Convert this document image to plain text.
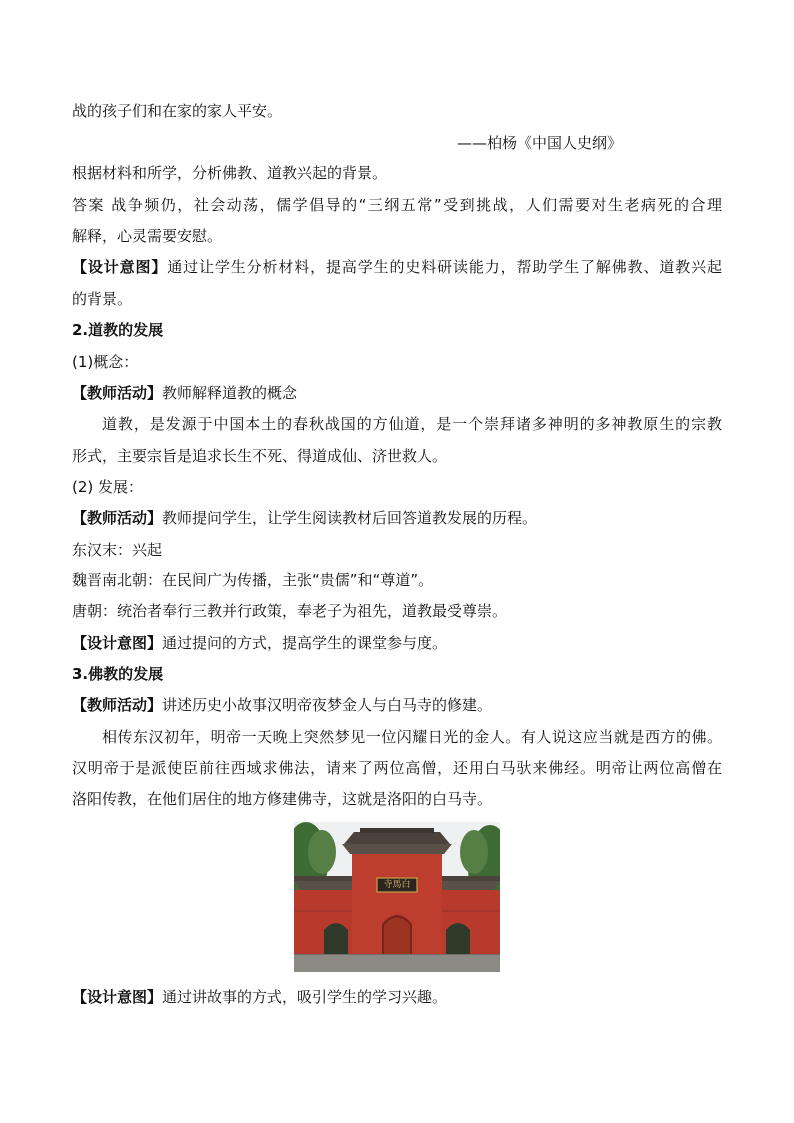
战的孩子们和在家的家人平安。
——柏杨《中国人史纲》
根据材料和所学，分析佛教、道教兴起的背景。
答案 战争频仍，社会动荡，儒学倡导的“三纲五常”受到挑战，人们需要对生老病死的合理
解释，心灵需要安慰。
【设计意图】通过让学生分析材料，提高学生的史料研读能力，帮助学生了解佛教、道教兴起
的背景。
2.道教的发展
(1)概念：
【教师活动】教师解释道教的概念
道教，是发源于中国本土的春秋战国的方仙道，是一个崇拜诸多神明的多神教原生的宗教
形式，主要宗旨是追求长生不死、得道成仙、济世救人。
(2) 发展：
【教师活动】教师提问学生，让学生阅读教材后回答道教发展的历程。
东汉末：兴起
魏晋南北朝：在民间广为传播，主张“贵儒”和“尊道”。
唐朝：统治者奉行三教并行政策，奉老子为祖先，道教最受尊崇。
【设计意图】通过提问的方式，提高学生的课堂参与度。
3.佛教的发展
【教师活动】讲述历史小故事汉明帝夜梦金人与白马寺的修建。
相传东汉初年，明帝一天晚上突然梦见一位闪耀日光的金人。有人说这应当就是西方的佛。
汉明帝于是派使臣前往西域求佛法，请来了两位高僧，还用白马驮来佛经。明帝让两位高僧在
洛阳传教，在他们居住的地方修建佛寺，这就是洛阳的白马寺。
寺馬白
【设计意图】通过讲故事的方式，吸引学生的学习兴趣。
